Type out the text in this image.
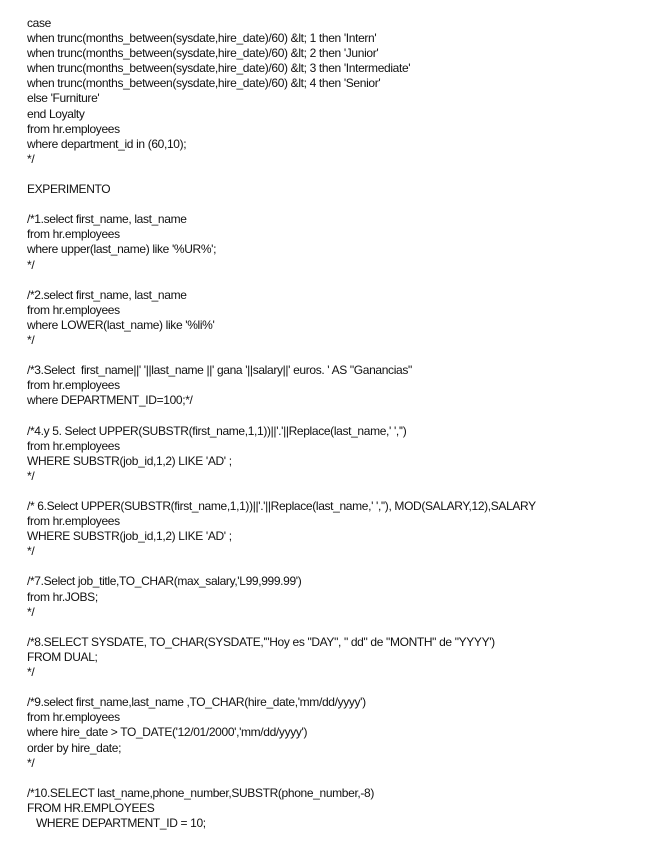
case
when trunc(months_between(sysdate,hire_date)/60) &lt; 1 then 'Intern'
when trunc(months_between(sysdate,hire_date)/60) &lt; 2 then 'Junior'
when trunc(months_between(sysdate,hire_date)/60) &lt; 3 then 'Intermediate'
when trunc(months_between(sysdate,hire_date)/60) &lt; 4 then 'Senior'
else 'Furniture'
end Loyalty
from hr.employees
where department_id in (60,10);
*/
EXPERIMENTO
/*1.select first_name, last_name
from hr.employees
where upper(last_name) like '%UR%';
*/
/*2.select first_name, last_name
from hr.employees
where LOWER(last_name) like '%li%'
*/
/*3.Select  first_name||' '||last_name ||' gana '||salary||' euros. ' AS "Ganancias"
from hr.employees
where DEPARTMENT_ID=100;*/
/*4.y 5. Select UPPER(SUBSTR(first_name,1,1))||'.'||Replace(last_name,' ','')
from hr.employees
WHERE SUBSTR(job_id,1,2) LIKE 'AD' ;
*/
/* 6.Select UPPER(SUBSTR(first_name,1,1))||'.'||Replace(last_name,' ',''), MOD(SALARY,12),SALARY
from hr.employees
WHERE SUBSTR(job_id,1,2) LIKE 'AD' ;
*/
/*7.Select job_title,TO_CHAR(max_salary,'L99,999.99')
from hr.JOBS;
*/
/*8.SELECT SYSDATE, TO_CHAR(SYSDATE,'"Hoy es "DAY", " dd" de "MONTH" de "YYYY')
FROM DUAL;
*/
/*9.select first_name,last_name ,TO_CHAR(hire_date,'mm/dd/yyyy')
from hr.employees
where hire_date > TO_DATE('12/01/2000','mm/dd/yyyy')
order by hire_date;
*/
/*10.SELECT last_name,phone_number,SUBSTR(phone_number,-8)
FROM HR.EMPLOYEES
WHERE DEPARTMENT_ID = 10;
